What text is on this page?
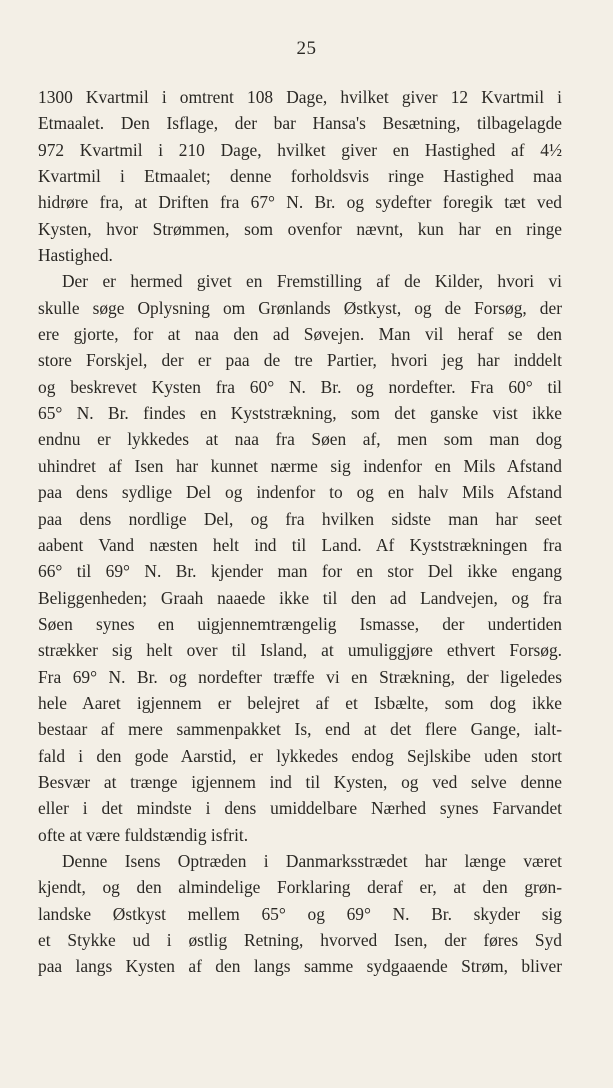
25
1300 Kvartmil i omtrent 108 Dage, hvilket giver 12 Kvartmil i
Etmaalet. Den Isflage, der bar Hansa's Besætning, tilbagelagde
972 Kvartmil i 210 Dage, hvilket giver en Hastighed af 4½
Kvartmil i Etmaalet; denne forholdsvis ringe Hastighed maa
hidrøre fra, at Driften fra 67° N. Br. og sydefter foregik tæt ved
Kysten, hvor Strømmen, som ovenfor nævnt, kun har en ringe
Hastighed.
Der er hermed givet en Fremstilling af de Kilder, hvori vi
skulle søge Oplysning om Grønlands Østkyst, og de Forsøg, der
ere gjorte, for at naa den ad Søvejen. Man vil heraf se den
store Forskjel, der er paa de tre Partier, hvori jeg har inddelt
og beskrevet Kysten fra 60° N. Br. og nordefter. Fra 60° til
65° N. Br. findes en Kyststrækning, som det ganske vist ikke
endnu er lykkedes at naa fra Søen af, men som man dog
uhindret af Isen har kunnet nærme sig indenfor en Mils Afstand
paa dens sydlige Del og indenfor to og en halv Mils Afstand
paa dens nordlige Del, og fra hvilken sidste man har seet
aabent Vand næsten helt ind til Land. Af Kyststrækningen fra
66° til 69° N. Br. kjender man for en stor Del ikke engang
Beliggenheden; Graah naaede ikke til den ad Landvejen, og fra
Søen synes en uigjennemtrængelig Ismasse, der undertiden
strækker sig helt over til Island, at umuliggjøre ethvert Forsøg.
Fra 69° N. Br. og nordefter træffe vi en Strækning, der ligeledes
hele Aaret igjennem er belejret af et Isbælte, som dog ikke
bestaar af mere sammenpakket Is, end at det flere Gange, ialt-
fald i den gode Aarstid, er lykkedes endog Sejlskibe uden stort
Besvær at trænge igjennem ind til Kysten, og ved selve denne
eller i det mindste i dens umiddelbare Nærhed synes Farvandet
ofte at være fuldstændig isfrit.
Denne Isens Optræden i Danmarksstrædet har længe været
kjendt, og den almindelige Forklaring deraf er, at den grøn-
landske Østkyst mellem 65° og 69° N. Br. skyder sig
et Stykke ud i østlig Retning, hvorved Isen, der føres Syd
paa langs Kysten af den langs samme sydgaaende Strøm, bliver
